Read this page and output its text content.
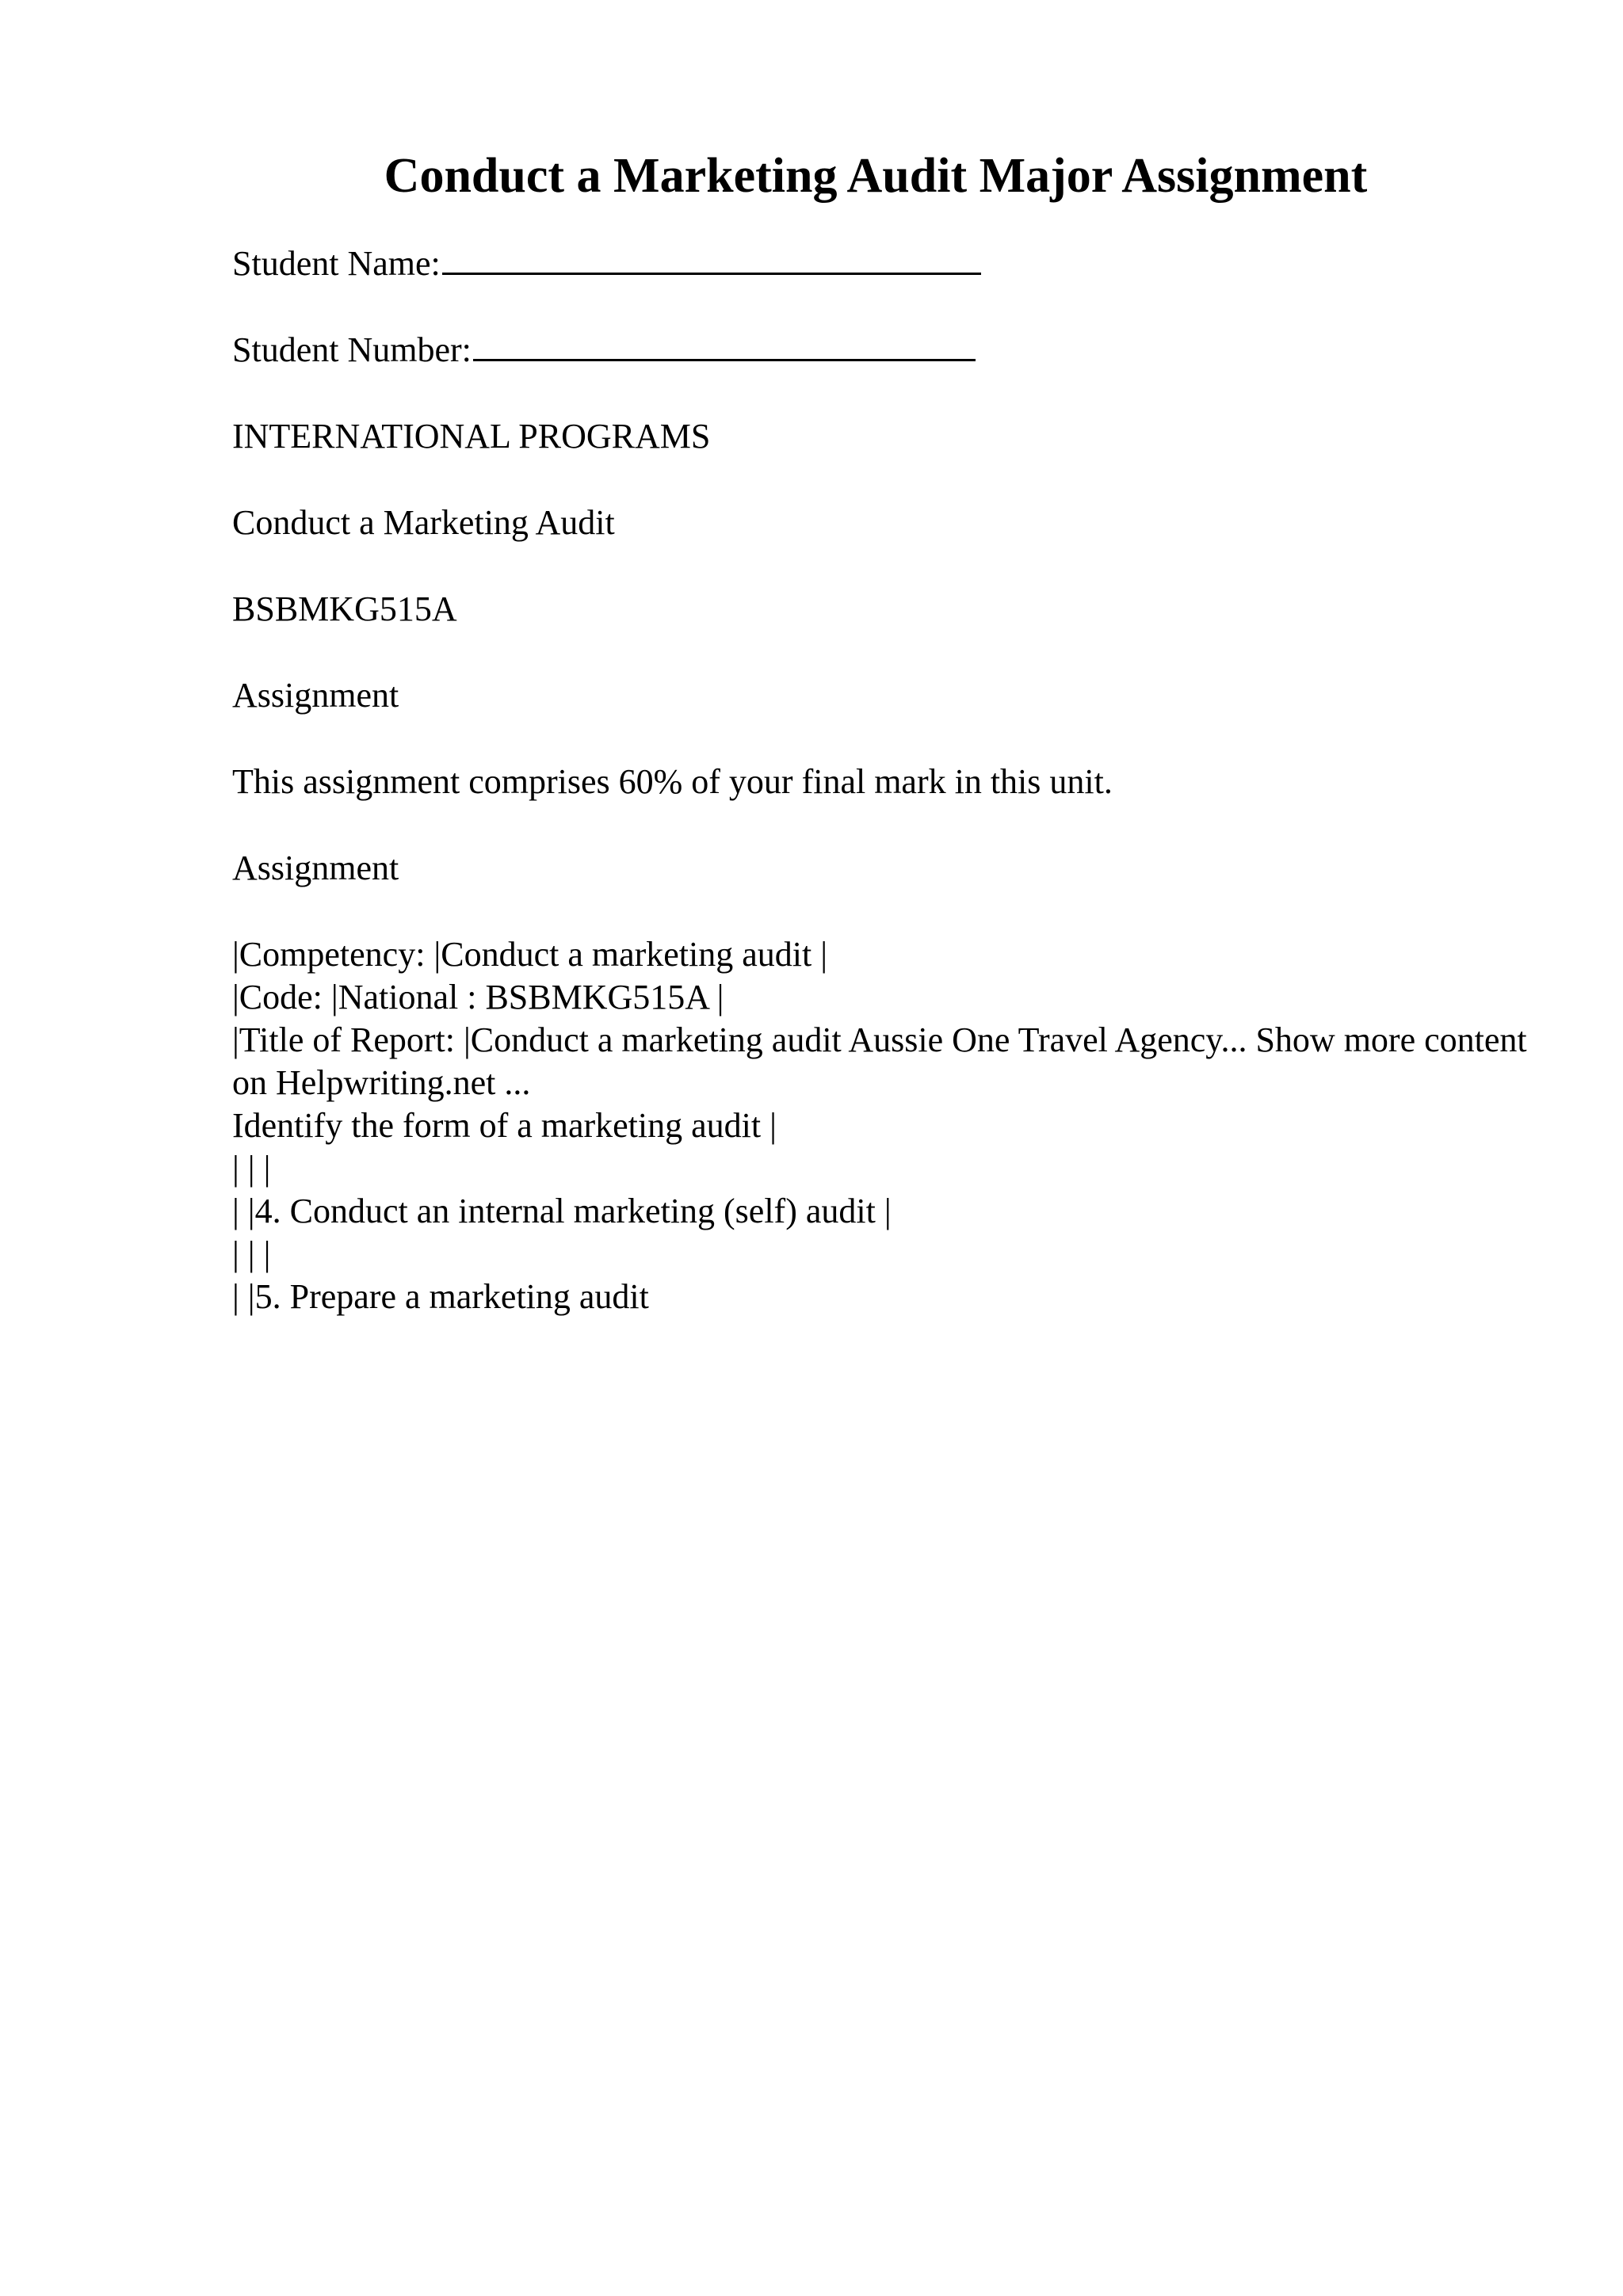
Conduct a Marketing Audit Major Assignment

Student Name:

Student Number:

INTERNATIONAL PROGRAMS

Conduct a Marketing Audit

BSBMKG515A

Assignment

This assignment comprises 60% of your final mark in this unit.

Assignment

|Competency: |Conduct a marketing audit |

|Code: |National : BSBMKG515A |

|Title of Report: |Conduct a marketing audit Aussie One Travel Agency... Show more content on Helpwriting.net ...

Identify the form of a marketing audit |

| | |

| |4. Conduct an internal marketing (self) audit |

| | |

| |5. Prepare a marketing audit
